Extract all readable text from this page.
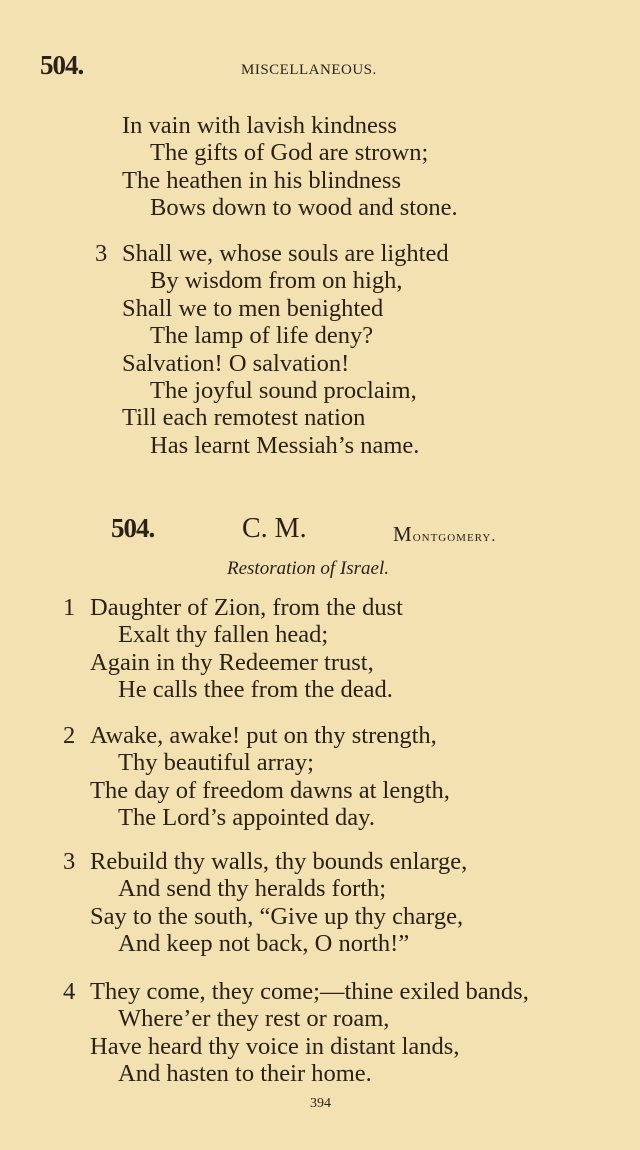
504.	MISCELLANEOUS.
In vain with lavish kindness
The gifts of God are strown;
The heathen in his blindness
Bows down to wood and stone.
3 Shall we, whose souls are lighted
By wisdom from on high,
Shall we to men benighted
The lamp of life deny?
Salvation! O salvation!
The joyful sound proclaim,
Till each remotest nation
Has learnt Messiah’s name.
504.	C. M.	Montgomery.
Restoration of Israel.
1 Daughter of Zion, from the dust
Exalt thy fallen head;
Again in thy Redeemer trust,
He calls thee from the dead.
2 Awake, awake! put on thy strength,
Thy beautiful array;
The day of freedom dawns at length,
The Lord’s appointed day.
3 Rebuild thy walls, thy bounds enlarge,
And send thy heralds forth;
Say to the south, “Give up thy charge,
And keep not back, O north!”
4 They come, they come;—thine exiled bands,
Where’er they rest or roam,
Have heard thy voice in distant lands,
And hasten to their home.
394
